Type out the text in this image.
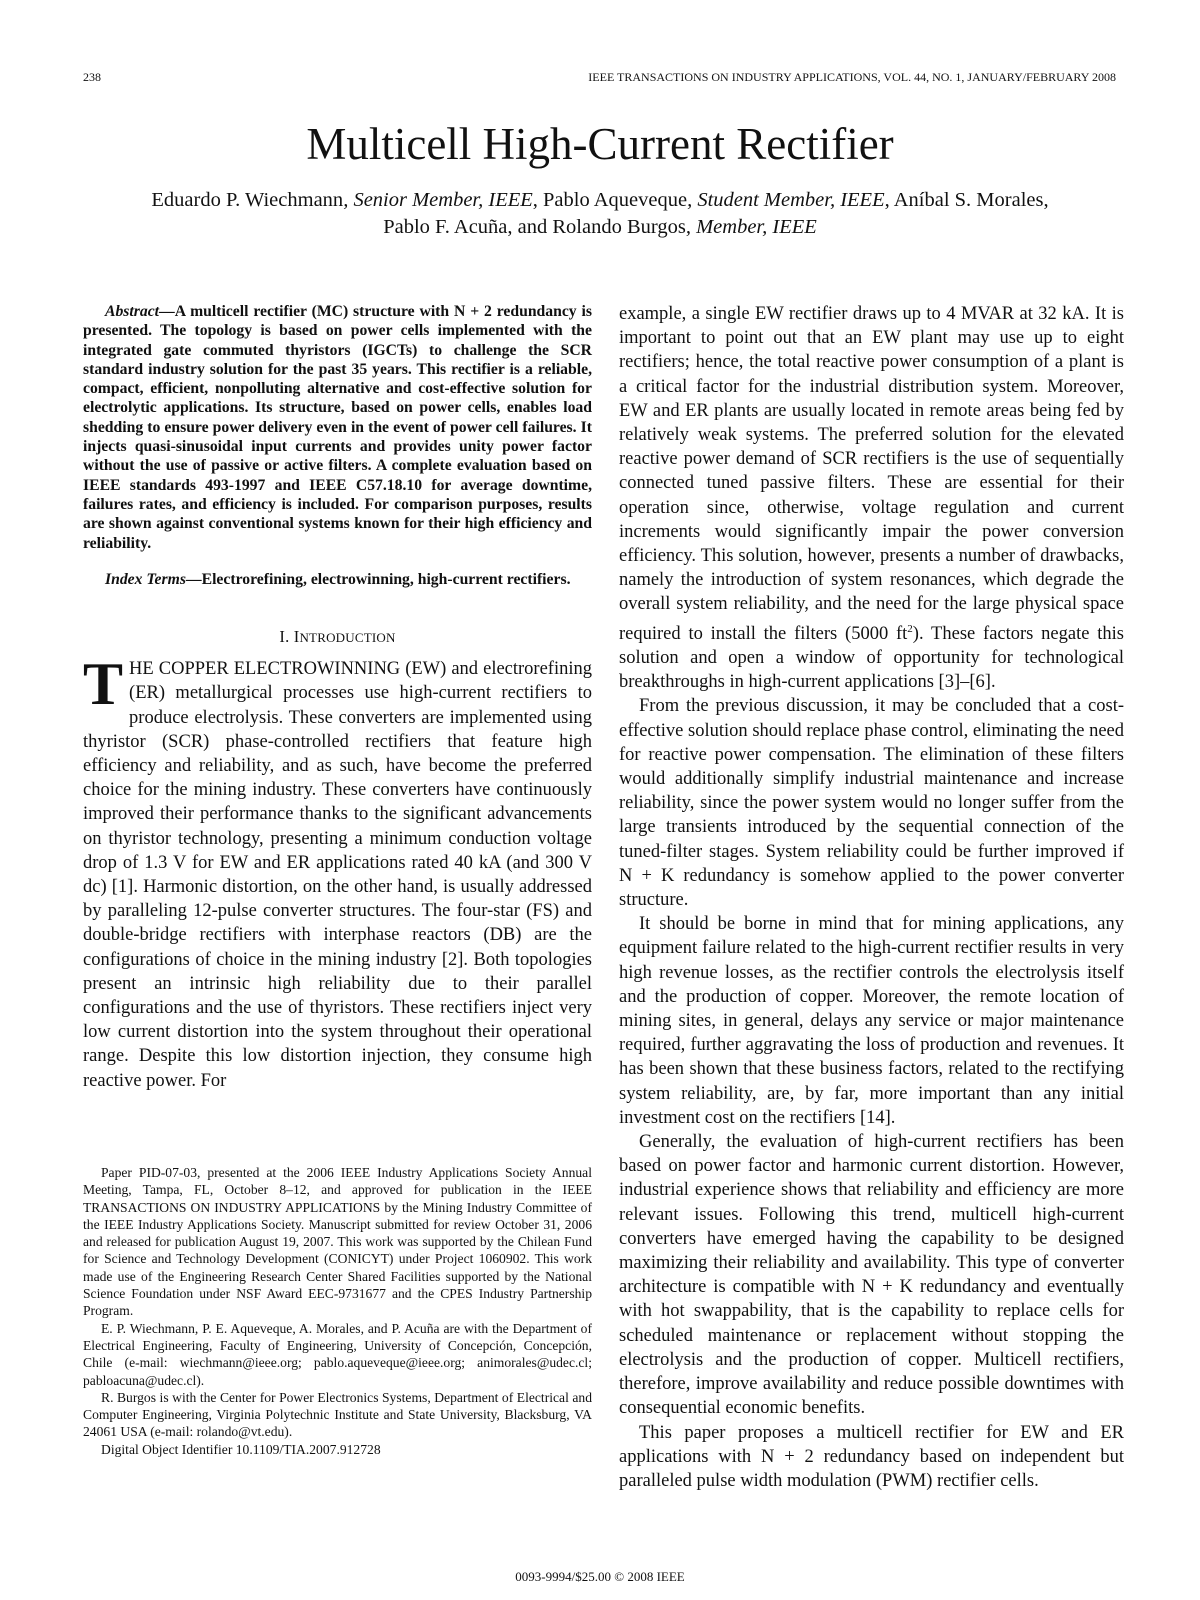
238	IEEE TRANSACTIONS ON INDUSTRY APPLICATIONS, VOL. 44, NO. 1, JANUARY/FEBRUARY 2008
Multicell High-Current Rectifier
Eduardo P. Wiechmann, Senior Member, IEEE, Pablo Aqueveque, Student Member, IEEE, Aníbal S. Morales,
Pablo F. Acuña, and Rolando Burgos, Member, IEEE

Abstract—A multicell rectifier (MC) structure with N + 2 redundancy is presented. The topology is based on power cells implemented with the integrated gate commuted thyristors (IGCTs) to challenge the SCR standard industry solution for the past 35 years. This rectifier is a reliable, compact, efficient, nonpolluting alternative and cost-effective solution for electrolytic applications. Its structure, based on power cells, enables load shedding to ensure power delivery even in the event of power cell failures. It injects quasi-sinusoidal input currents and provides unity power factor without the use of passive or active filters. A complete evaluation based on IEEE standards 493-1997 and IEEE C57.18.10 for average downtime, failures rates, and efficiency is included. For comparison purposes, results are shown against conventional systems known for their high efficiency and reliability.

Index Terms—Electrorefining, electrowinning, high-current rectifiers.

I. INTRODUCTION

THE COPPER ELECTROWINNING (EW) and electrorefining (ER) metallurgical processes use high-current rectifiers to produce electrolysis. These converters are implemented using thyristor (SCR) phase-controlled rectifiers that feature high efficiency and reliability, and as such, have become the preferred choice for the mining industry. These converters have continuously improved their performance thanks to the significant advancements on thyristor technology, presenting a minimum conduction voltage drop of 1.3 V for EW and ER applications rated 40 kA (and 300 V dc) [1]. Harmonic distortion, on the other hand, is usually addressed by paralleling 12-pulse converter structures. The four-star (FS) and double-bridge rectifiers with interphase reactors (DB) are the configurations of choice in the mining industry [2]. Both topologies present an intrinsic high reliability due to their parallel configurations and the use of thyristors. These rectifiers inject very low current distortion into the system throughout their operational range. Despite this low distortion injection, they consume high reactive power. For

Paper PID-07-03, presented at the 2006 IEEE Industry Applications Society Annual Meeting, Tampa, FL, October 8–12, and approved for publication in the IEEE TRANSACTIONS ON INDUSTRY APPLICATIONS by the Mining Industry Committee of the IEEE Industry Applications Society. Manuscript submitted for review October 31, 2006 and released for publication August 19, 2007. This work was supported by the Chilean Fund for Science and Technology Development (CONICYT) under Project 1060902. This work made use of the Engineering Research Center Shared Facilities supported by the National Science Foundation under NSF Award EEC-9731677 and the CPES Industry Partnership Program.

E. P. Wiechmann, P. E. Aqueveque, A. Morales, and P. Acuña are with the Department of Electrical Engineering, Faculty of Engineering, University of Concepción, Concepción, Chile (e-mail: wiechmann@ieee.org; pablo.aqueveque@ieee.org; animorales@udec.cl; pabloacuna@udec.cl).

R. Burgos is with the Center for Power Electronics Systems, Department of Electrical and Computer Engineering, Virginia Polytechnic Institute and State University, Blacksburg, VA 24061 USA (e-mail: rolando@vt.edu).

Digital Object Identifier 10.1109/TIA.2007.912728

example, a single EW rectifier draws up to 4 MVAR at 32 kA. It is important to point out that an EW plant may use up to eight rectifiers; hence, the total reactive power consumption of a plant is a critical factor for the industrial distribution system. Moreover, EW and ER plants are usually located in remote areas being fed by relatively weak systems. The preferred solution for the elevated reactive power demand of SCR rectifiers is the use of sequentially connected tuned passive filters. These are essential for their operation since, otherwise, voltage regulation and current increments would significantly impair the power conversion efficiency. This solution, however, presents a number of drawbacks, namely the introduction of system resonances, which degrade the overall system reliability, and the need for the large physical space required to install the filters (5000 $ft^2$). These factors negate this solution and open a window of opportunity for technological breakthroughs in high-current applications [3]–[6].

From the previous discussion, it may be concluded that a cost-effective solution should replace phase control, eliminating the need for reactive power compensation. The elimination of these filters would additionally simplify industrial maintenance and increase reliability, since the power system would no longer suffer from the large transients introduced by the sequential connection of the tuned-filter stages. System reliability could be further improved if N + K redundancy is somehow applied to the power converter structure.

It should be borne in mind that for mining applications, any equipment failure related to the high-current rectifier results in very high revenue losses, as the rectifier controls the electrolysis itself and the production of copper. Moreover, the remote location of mining sites, in general, delays any service or major maintenance required, further aggravating the loss of production and revenues. It has been shown that these business factors, related to the rectifying system reliability, are, by far, more important than any initial investment cost on the rectifiers [14].

Generally, the evaluation of high-current rectifiers has been based on power factor and harmonic current distortion. However, industrial experience shows that reliability and efficiency are more relevant issues. Following this trend, multicell high-current converters have emerged having the capability to be designed maximizing their reliability and availability. This type of converter architecture is compatible with N + K redundancy and eventually with hot swappability, that is the capability to replace cells for scheduled maintenance or replacement without stopping the electrolysis and the production of copper. Multicell rectifiers, therefore, improve availability and reduce possible downtimes with consequential economic benefits.

This paper proposes a multicell rectifier for EW and ER applications with N + 2 redundancy based on independent but paralleled pulse width modulation (PWM) rectifier cells.

0093-9994/$25.00 © 2008 IEEE
